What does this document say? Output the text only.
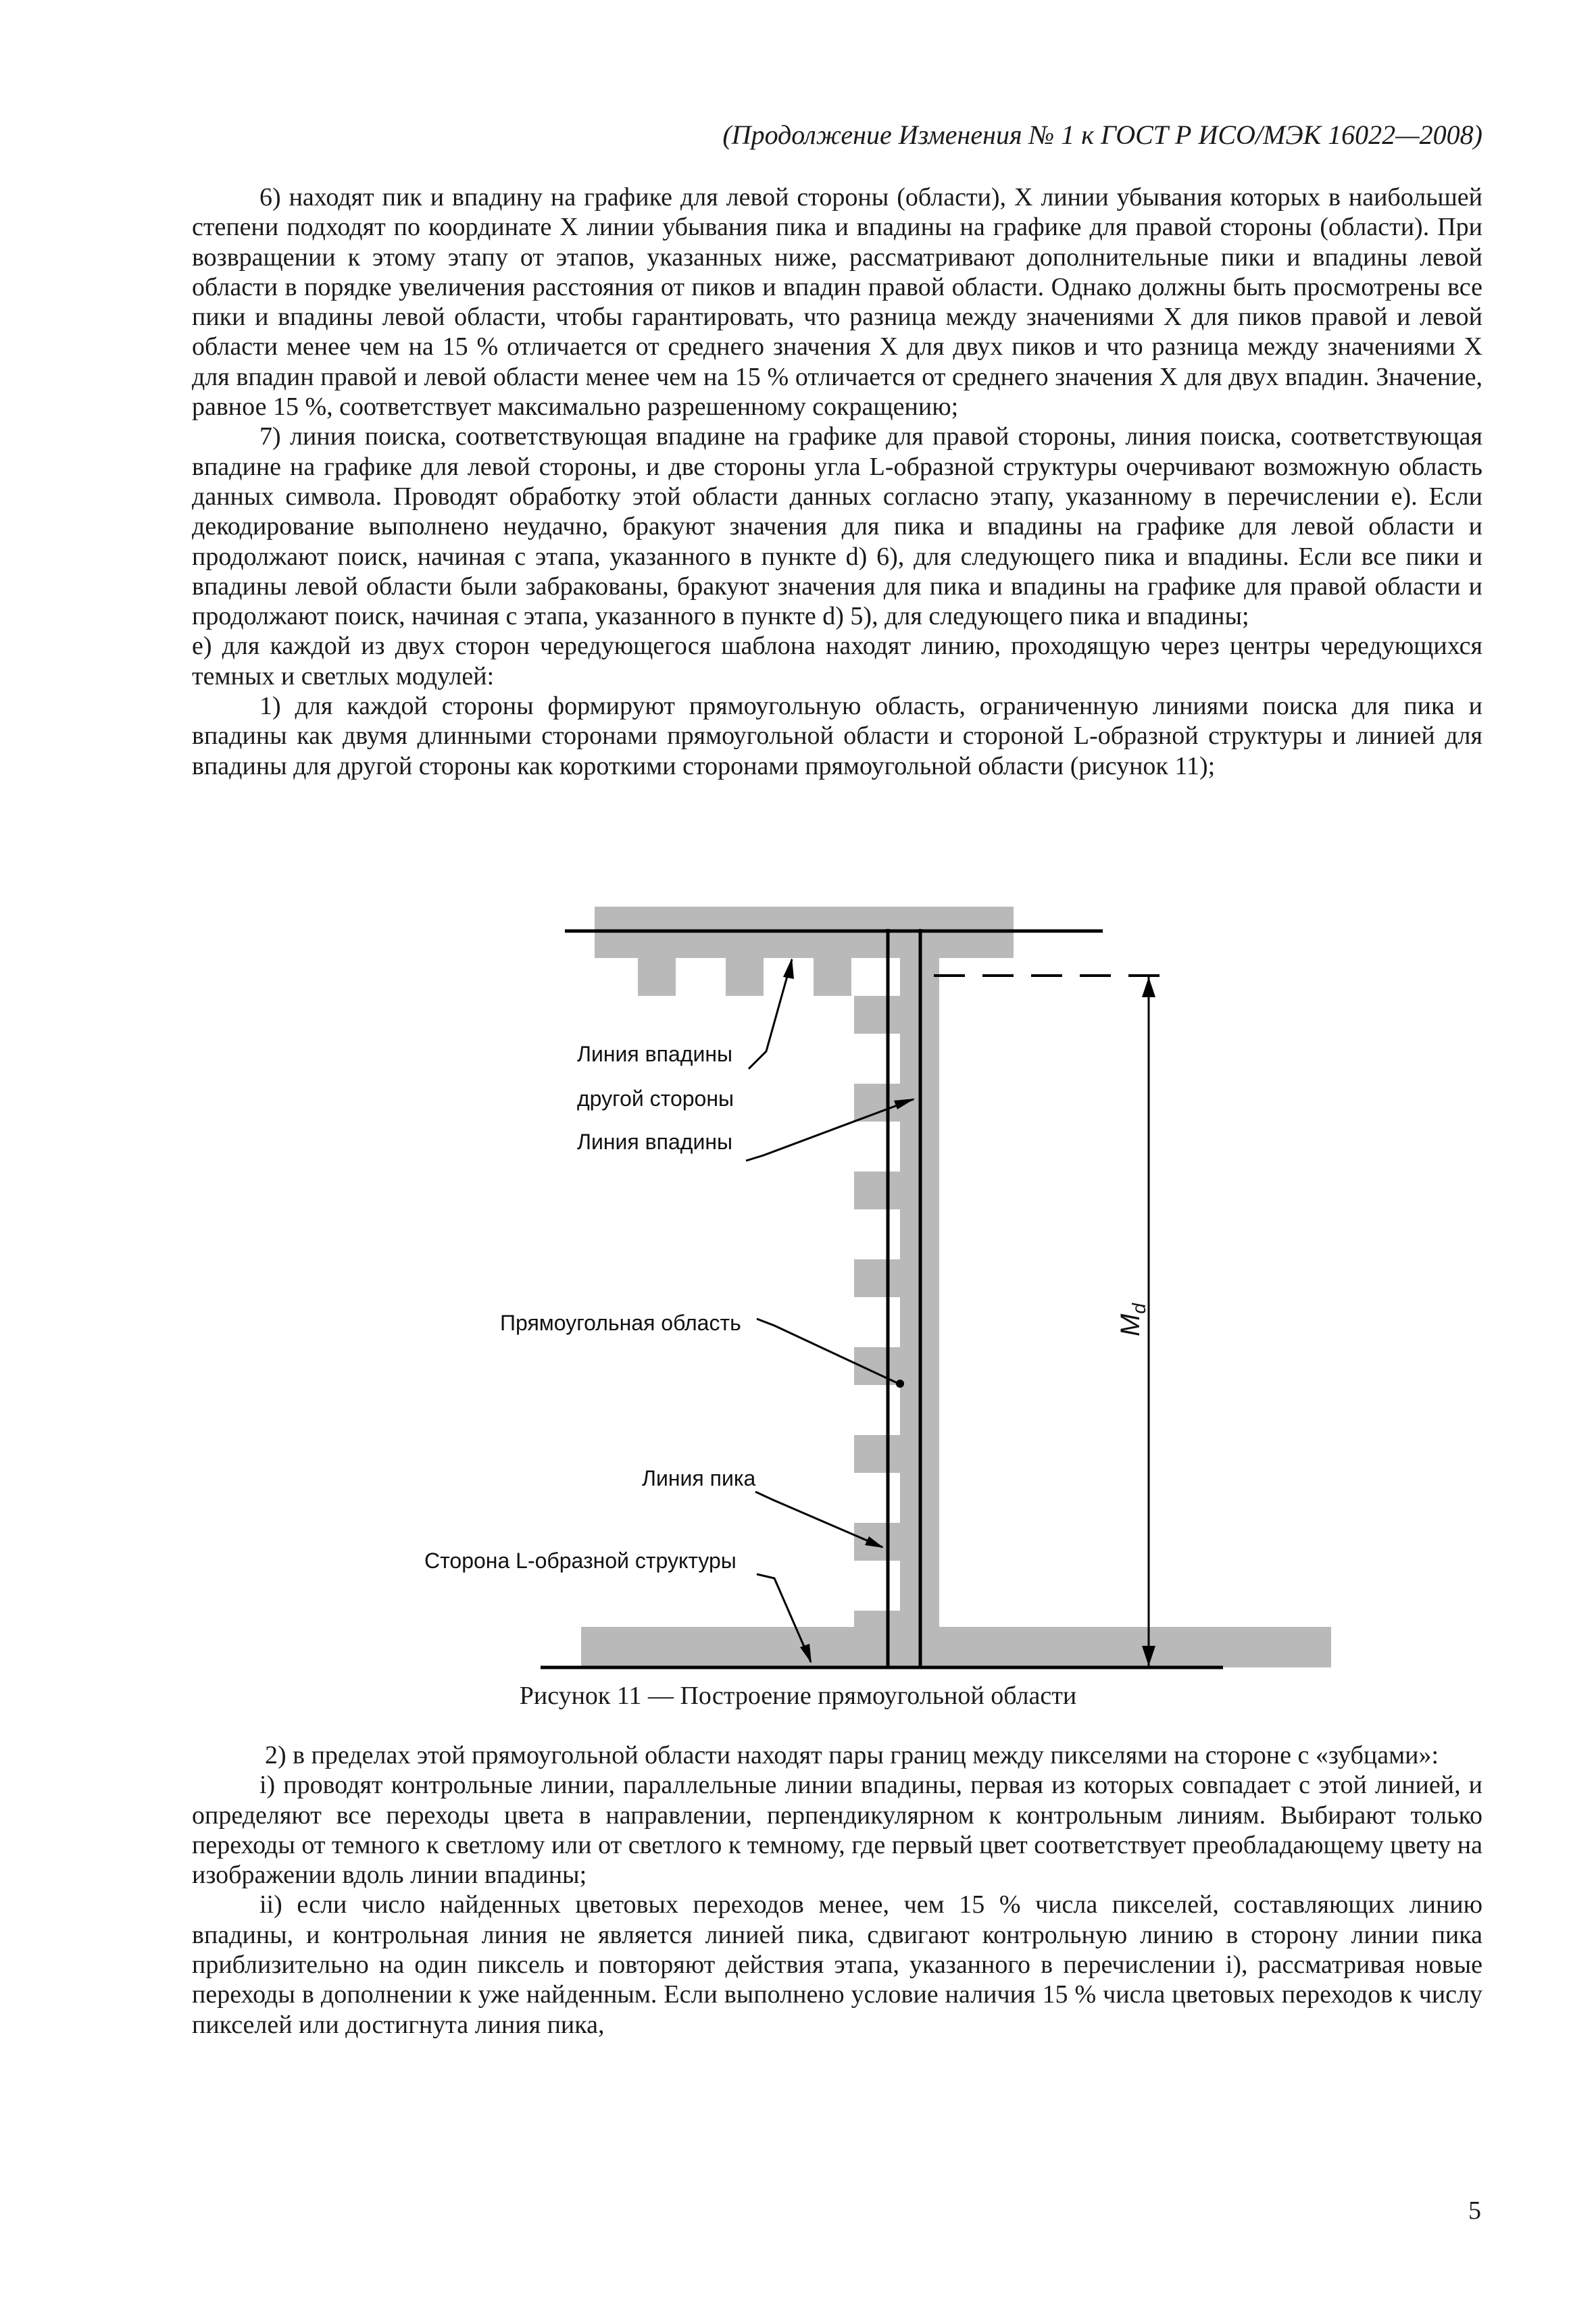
(Продолжение Изменения № 1 к ГОСТ Р ИСО/МЭК 16022—2008)

6) находят пик и впадину на графике для левой стороны (области), X линии убывания которых в наибольшей степени подходят по координате X линии убывания пика и впадины на графике для правой стороны (области). При возвращении к этому этапу от этапов, указанных ниже, рассматривают дополнительные пики и впадины левой области в порядке увеличения расстояния от пиков и впадин правой области. Однако должны быть просмотрены все пики и впадины левой области, чтобы гарантировать, что разница между значениями X для пиков правой и левой области менее чем на 15 % отличается от среднего значения X для двух пиков и что разница между значениями X для впадин правой и левой области менее чем на 15 % отличается от среднего значения X для двух впадин. Значение, равное 15 %, соответствует максимально разрешенному сокращению;

7) линия поиска, соответствующая впадине на графике для правой стороны, линия поиска, соответствующая впадине на графике для левой стороны, и две стороны угла L-образной структуры очерчивают возможную область данных символа. Проводят обработку этой области данных согласно этапу, указанному в перечислении е). Если декодирование выполнено неудачно, бракуют значения для пика и впадины на графике для левой области и продолжают поиск, начиная с этапа, указанного в пункте d) 6), для следующего пика и впадины. Если все пики и впадины левой области были забракованы, бракуют значения для пика и впадины на графике для правой области и продолжают поиск, начиная с этапа, указанного в пункте d) 5), для следующего пика и впадины;

е) для каждой из двух сторон чередующегося шаблона находят линию, проходящую через центры чередующихся темных и светлых модулей:

1) для каждой стороны формируют прямоугольную область, ограниченную линиями поиска для пика и впадины как двумя длинными сторонами прямоугольной области и стороной L-образной структуры и линией для впадины для другой стороны как короткими сторонами прямоугольной области (рисунок 11);

Линия впадины
другой стороны
Линия впадины
Прямоугольная область
Линия пика
Сторона L-образной структуры
$M_d$
Рисунок 11 — Построение прямоугольной области

2) в пределах этой прямоугольной области находят пары границ между пикселями на стороне с «зубцами»:

i) проводят контрольные линии, параллельные линии впадины, первая из которых совпадает с этой линией, и определяют все переходы цвета в направлении, перпендикулярном к контрольным линиям. Выбирают только переходы от темного к светлому или от светлого к темному, где первый цвет соответствует преобладающему цвету на изображении вдоль линии впадины;

ii) если число найденных цветовых переходов менее, чем 15 % числа пикселей, составляющих линию впадины, и контрольная линия не является линией пика, сдвигают контрольную линию в сторону линии пика приблизительно на один пиксель и повторяют действия этапа, указанного в перечислении i), рассматривая новые переходы в дополнении к уже найденным. Если выполнено условие наличия 15 % числа цветовых переходов к числу пикселей или достигнута линия пика,

5
